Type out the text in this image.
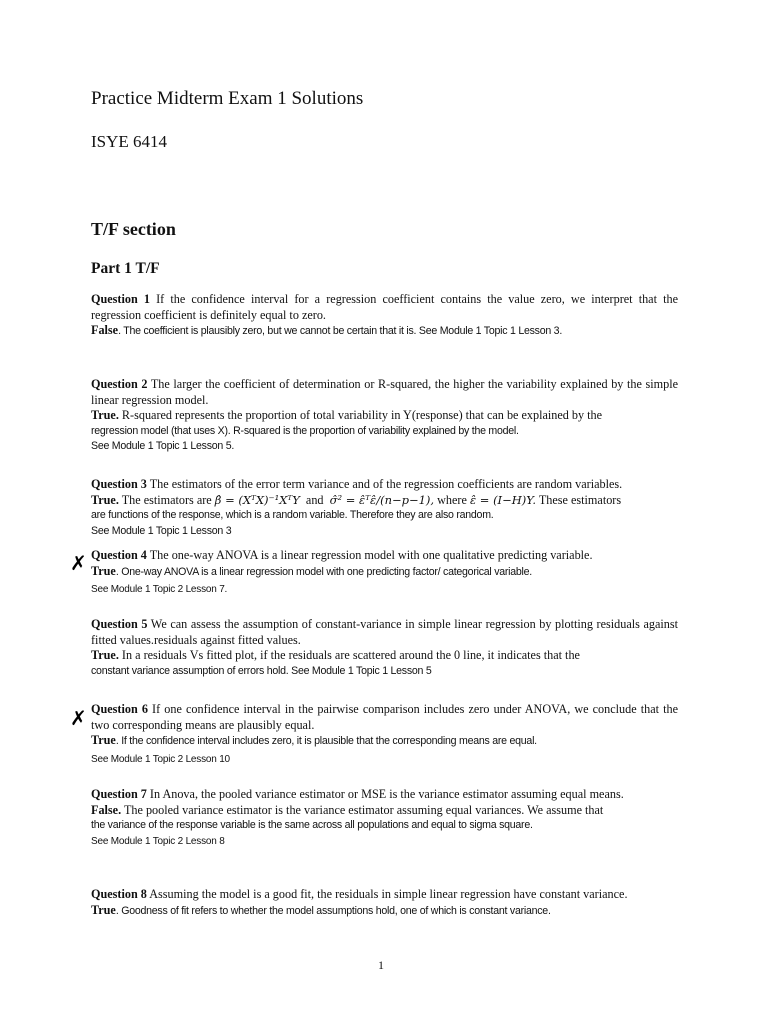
Practice Midterm Exam 1 Solutions
ISYE 6414
T/F section
Part 1 T/F
Question 1 If the confidence interval for a regression coefficient contains the value zero, we interpret that the regression coefficient is definitely equal to zero.
False. The coefficient is plausibly zero, but we cannot be certain that it is. See Module 1 Topic 1 Lesson 3.
Question 2 The larger the coefficient of determination or R-squared, the higher the variability explained by the simple linear regression model.
True. R-squared represents the proportion of total variability in Y(response) that can be explained by the
regression model (that uses X). R-squared is the proportion of variability explained by the model.
See Module 1 Topic 1 Lesson 5.
Question 3 The estimators of the error term variance and of the regression coefficients are random variables.
True. The estimators are β̂ = (XᵀX)⁻¹XᵀY and σ̂² = ε̂ᵀε̂/(n−p−1), where ε̂ = (I−H)Y. These estimators
are functions of the response, which is a random variable. Therefore they are also random.
See Module 1 Topic 1 Lesson 3
✗ Question 4 The one-way ANOVA is a linear regression model with one qualitative predicting variable.
True. One-way ANOVA is a linear regression model with one predicting factor/ categorical variable.
See Module 1 Topic 2 Lesson 7.
Question 5 We can assess the assumption of constant-variance in simple linear regression by plotting residuals against fitted values.residuals against fitted values.
True. In a residuals Vs fitted plot, if the residuals are scattered around the 0 line, it indicates that the
constant variance assumption of errors hold. See Module 1 Topic 1 Lesson 5
✗ Question 6 If one confidence interval in the pairwise comparison includes zero under ANOVA, we conclude that the two corresponding means are plausibly equal.
True. If the confidence interval includes zero, it is plausible that the corresponding means are equal.
See Module 1 Topic 2 Lesson 10
Question 7 In Anova, the pooled variance estimator or MSE is the variance estimator assuming equal means.
False. The pooled variance estimator is the variance estimator assuming equal variances. We assume that
the variance of the response variable is the same across all populations and equal to sigma square.
See Module 1 Topic 2 Lesson 8
Question 8 Assuming the model is a good fit, the residuals in simple linear regression have constant variance.
True. Goodness of fit refers to whether the model assumptions hold, one of which is constant variance.
1
